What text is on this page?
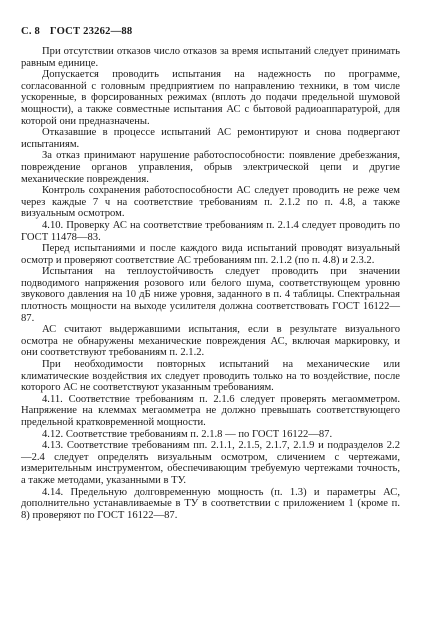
С. 8 ГОСТ 23262—88

При отсутствии отказов число отказов за время испытаний следует принимать равным единице.

Допускается проводить испытания на надежность по программе, согласованной с головным предприятием по направлению техники, в том числе ускоренные, в форсированных режимах (вплоть до подачи предельной шумовой мощности), а также совместные испытания АС с бытовой радиоаппаратурой, для которой они предназначены.

Отказавшие в процессе испытаний АС ремонтируют и снова подвергают испытаниям.

За отказ принимают нарушение работоспособности: появление дребезжания, повреждение органов управления, обрыв электрической цепи и другие механические повреждения.

Контроль сохранения работоспособности АС следует проводить не реже чем через каждые 7 ч на соответствие требованиям п. 2.1.2 по п. 4.8, а также визуальным осмотром.

4.10. Проверку АС на соответствие требованиям п. 2.1.4 следует проводить по ГОСТ 11478—83.

Перед испытаниями и после каждого вида испытаний проводят визуальный осмотр и проверяют соответствие АС требованиям пп. 2.1.2 (по п. 4.8) и 2.3.2.

Испытания на теплоустойчивость следует проводить при значении подводимого напряжения розового или белого шума, соответствующем уровню звукового давления на 10 дБ ниже уровня, заданного в п. 4 таблицы. Спектральная плотность мощности на выходе усилителя должна соответствовать ГОСТ 16122—87.

АС считают выдержавшими испытания, если в результате визуального осмотра не обнаружены механические повреждения АС, включая маркировку, и они соответствуют требованиям п. 2.1.2.

При необходимости повторных испытаний на механические или климатические воздействия их следует проводить только на то воздействие, после которого АС не соответствуют указанным требованиям.

4.11. Соответствие требованиям п. 2.1.6 следует проверять мегаомметром. Напряжение на клеммах мегаомметра не должно превышать соответствующего предельной кратковременной мощности.

4.12. Соответствие требованиям п. 2.1.8 — по ГОСТ 16122—87.

4.13. Соответствие требованиям пп. 2.1.1, 2.1.5, 2.1.7, 2.1.9 и подразделов 2.2—2.4 следует определять визуальным осмотром, сличением с чертежами, измерительным инструментом, обеспечивающим требуемую чертежами точность, а также методами, указанными в ТУ.

4.14. Предельную долговременную мощность (п. 1.3) и параметры АС, дополнительно устанавливаемые в ТУ в соответствии с приложением 1 (кроме п. 8) проверяют по ГОСТ 16122—87.
